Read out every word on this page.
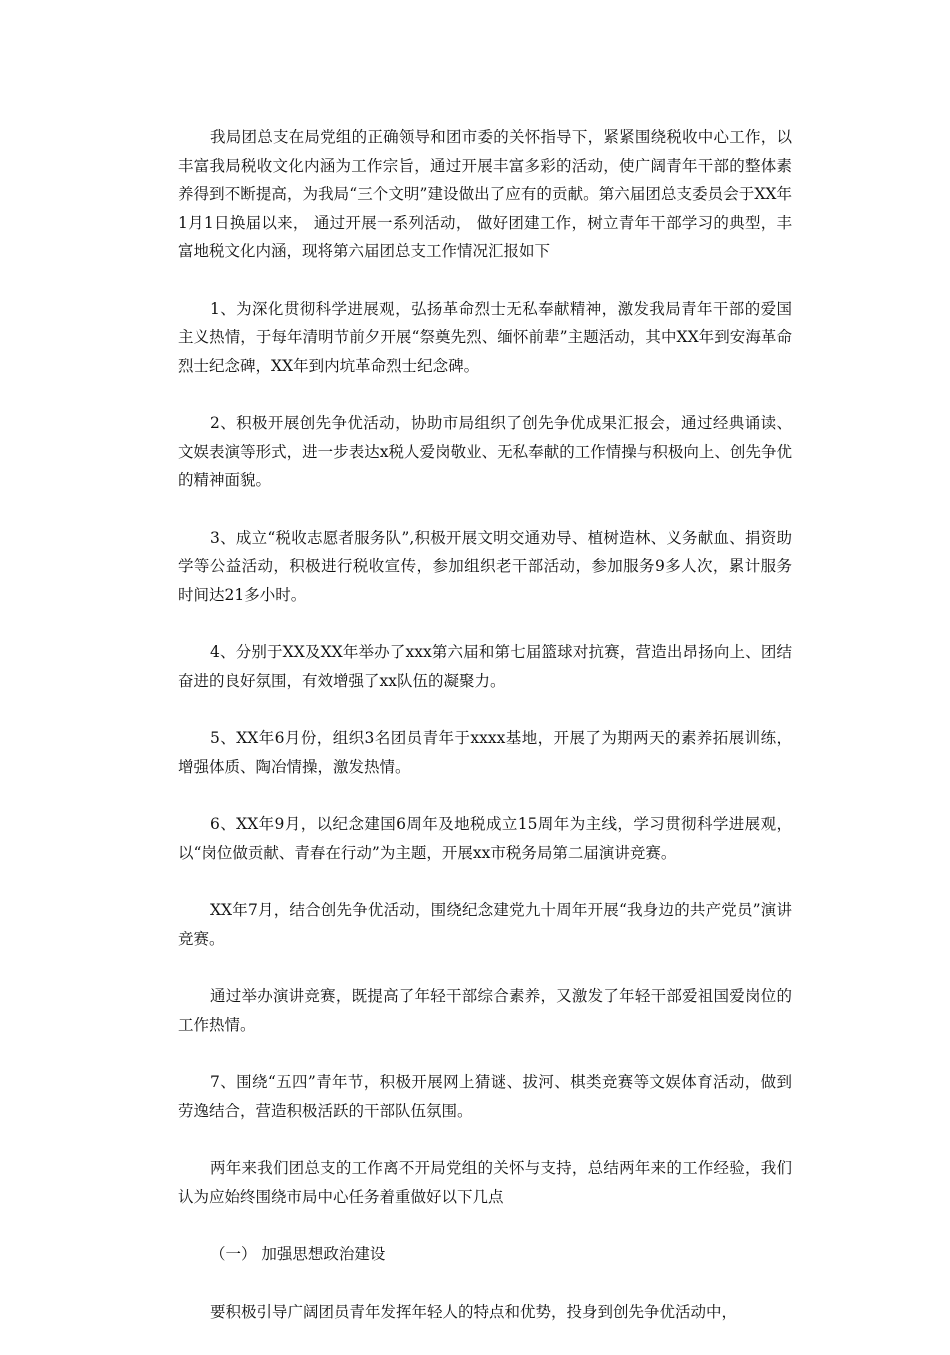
我局团总支在局党组的正确领导和团市委的关怀指导下，紧紧围绕税收中心工作，以丰富我局税收文化内涵为工作宗旨，通过开展丰富多彩的活动，使广阔青年干部的整体素养得到不断提高，为我局“三个文明”建设做出了应有的贡献。第六届团总支委员会于XX年1月1日换届以来， 通过开展一系列活动， 做好团建工作，树立青年干部学习的典型，丰富地税文化内涵，现将第六届团总支工作情况汇报如下

1、为深化贯彻科学进展观，弘扬革命烈士无私奉献精神，激发我局青年干部的爱国主义热情，于每年清明节前夕开展“祭奠先烈、缅怀前辈”主题活动，其中XX年到安海革命烈士纪念碑，XX年到内坑革命烈士纪念碑。

2、积极开展创先争优活动，协助市局组织了创先争优成果汇报会，通过经典诵读、文娱表演等形式，进一步表达x税人爱岗敬业、无私奉献的工作情操与积极向上、创先争优的精神面貌。

3、成立“税收志愿者服务队”,积极开展文明交通劝导、植树造林、义务献血、捐资助学等公益活动，积极进行税收宣传，参加组织老干部活动，参加服务9多人次，累计服务时间达21多小时。

4、分别于XX及XX年举办了xxx第六届和第七届篮球对抗赛，营造出昂扬向上、团结奋进的良好氛围，有效增强了xx队伍的凝聚力。

5、XX年6月份，组织3名团员青年于xxxx基地，开展了为期两天的素养拓展训练，增强体质、陶冶情操，激发热情。

6、XX年9月，以纪念建国6周年及地税成立15周年为主线，学习贯彻科学进展观，以“岗位做贡献、青春在行动”为主题，开展xx市税务局第二届演讲竞赛。

XX年7月，结合创先争优活动，围绕纪念建党九十周年开展“我身边的共产党员”演讲竞赛。

通过举办演讲竞赛，既提高了年轻干部综合素养，又激发了年轻干部爱祖国爱岗位的工作热情。

7、围绕“五四”青年节，积极开展网上猜谜、拔河、棋类竞赛等文娱体育活动，做到劳逸结合，营造积极活跃的干部队伍氛围。

两年来我们团总支的工作离不开局党组的关怀与支持，总结两年来的工作经验，我们认为应始终围绕市局中心任务着重做好以下几点

（一） 加强思想政治建设

要积极引导广阔团员青年发挥年轻人的特点和优势，投身到创先争优活动中，
